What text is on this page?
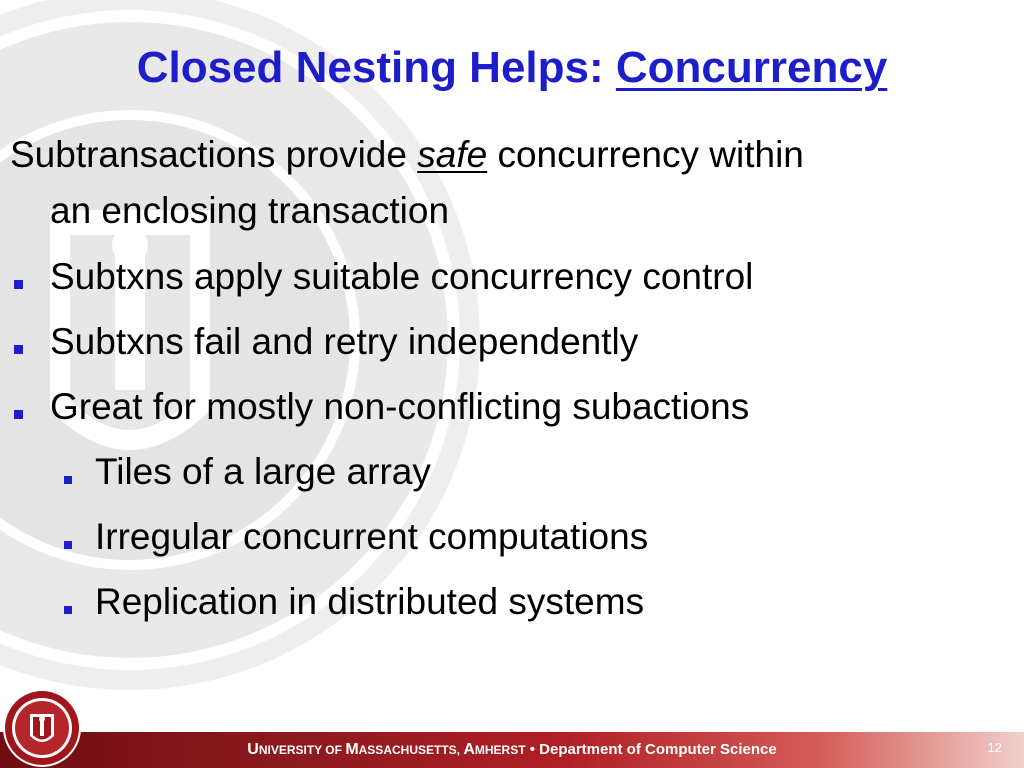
Closed Nesting Helps: Concurrency
Subtransactions provide safe concurrency within
an enclosing transaction
Subtxns apply suitable concurrency control
Subtxns fail and retry independently
Great for mostly non-conflicting subactions
Tiles of a large array
Irregular concurrent computations
Replication in distributed systems
UNIVERSITY OF MASSACHUSETTS, AMHERST • Department of Computer Science	12
